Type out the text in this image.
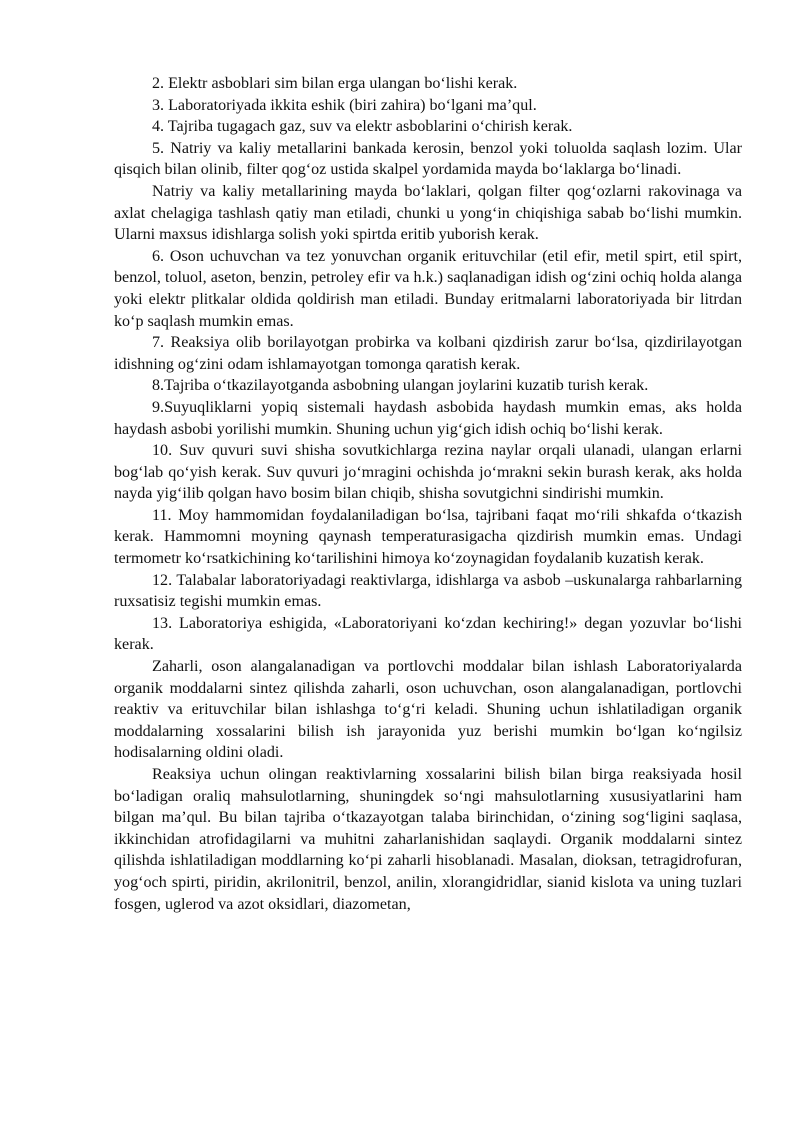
2. Elektr asboblari sim bilan erga ulangan bo‘lishi kerak.

3. Laboratoriyada ikkita eshik (biri zahira) bo‘lgani ma’qul.

4. Tajriba tugagach gaz, suv va elektr asboblarini o‘chirish kerak.

5. Natriy va kaliy metallarini bankada kerosin, benzol yoki toluolda saqlash lozim. Ular qisqich bilan olinib, filter qog‘oz ustida skalpel yordamida mayda bo‘laklarga bo‘linadi.

Natriy va kaliy metallarining mayda bo‘laklari, qolgan filter qog‘ozlarni rakovinaga va axlat chelagiga tashlash qatiy man etiladi, chunki u yong‘in chiqishiga sabab bo‘lishi mumkin. Ularni maxsus idishlarga solish yoki spirtda eritib yuborish kerak.

6. Oson uchuvchan va tez yonuvchan organik erituvchilar (etil efir, metil spirt, etil spirt, benzol, toluol, aseton, benzin, petroley efir va h.k.) saqlanadigan idish og‘zini ochiq holda alanga yoki elektr plitkalar oldida qoldirish man etiladi. Bunday eritmalarni laboratoriyada bir litrdan ko‘p saqlash mumkin emas.

7. Reaksiya olib borilayotgan probirka va kolbani qizdirish zarur bo‘lsa, qizdirilayotgan idishning og‘zini odam ishlamayotgan tomonga qaratish kerak.

8.Tajriba o‘tkazilayotganda asbobning ulangan joylarini kuzatib turish kerak.

9.Suyuqliklarni yopiq sistemali haydash asbobida haydash mumkin emas, aks holda haydash asbobi yorilishi mumkin. Shuning uchun yig‘gich idish ochiq bo‘lishi kerak.

10. Suv quvuri suvi shisha sovutkichlarga rezina naylar orqali ulanadi, ulangan erlarni bog‘lab qo‘yish kerak. Suv quvuri jo‘mragini ochishda jo‘mrakni sekin burash kerak, aks holda nayda yig‘ilib qolgan havo bosim bilan chiqib, shisha sovutgichni sindirishi mumkin.

11. Moy hammomidan foydalaniladigan bo‘lsa, tajribani faqat mo‘rili shkafda o‘tkazish kerak. Hammomni moyning qaynash temperaturasigacha qizdirish mumkin emas. Undagi termometr ko‘rsatkichining ko‘tarilishini himoya ko‘zoynagidan foydalanib kuzatish kerak.

12. Talabalar laboratoriyadagi reaktivlarga, idishlarga va asbob –uskunalarga rahbarlarning ruxsatisiz tegishi mumkin emas.

13. Laboratoriya eshigida, «Laboratoriyani ko‘zdan kechiring!» degan yozuvlar bo‘lishi kerak.

Zaharli, oson alangalanadigan va portlovchi moddalar bilan ishlash Laboratoriyalarda organik moddalarni sintez qilishda zaharli, oson uchuvchan, oson alangalanadigan, portlovchi reaktiv va erituvchilar bilan ishlashga to‘g‘ri keladi. Shuning uchun ishlatiladigan organik moddalarning xossalarini bilish ish jarayonida yuz berishi mumkin bo‘lgan ko‘ngilsiz hodisalarning oldini oladi.

Reaksiya uchun olingan reaktivlarning xossalarini bilish bilan birga reaksiyada hosil bo‘ladigan oraliq mahsulotlarning, shuningdek so‘ngi mahsulotlarning xususiyatlarini ham bilgan ma’qul. Bu bilan tajriba o‘tkazayotgan talaba birinchidan, o‘zining sog‘ligini saqlasa, ikkinchidan atrofidagilarni va muhitni zaharlanishidan saqlaydi. Organik moddalarni sintez qilishda ishlatiladigan moddlarning ko‘pi zaharli hisoblanadi. Masalan, dioksan, tetragidrofuran, yog‘och spirti, piridin, akrilonitril, benzol, anilin, xlorangidridlar, sianid kislota va uning tuzlari fosgen, uglerod va azot oksidlari, diazometan,
